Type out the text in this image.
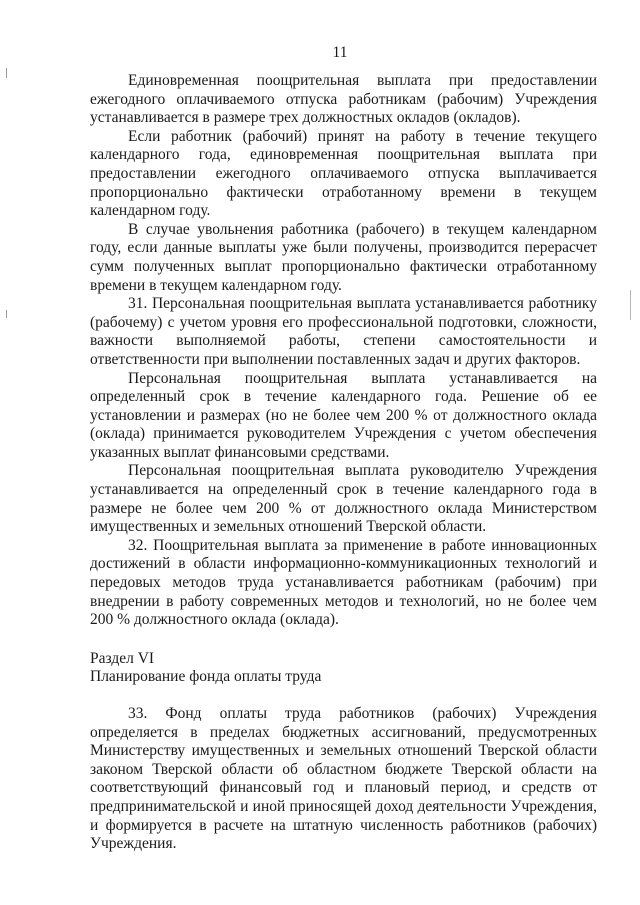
11

Единовременная поощрительная выплата при предоставлении ежегодного оплачиваемого отпуска работникам (рабочим) Учреждения устанавливается в размере трех должностных окладов (окладов).

Если работник (рабочий) принят на работу в течение текущего календарного года, единовременная поощрительная выплата при предоставлении ежегодного оплачиваемого отпуска выплачивается пропорционально фактически отработанному времени в текущем календарном году.

В случае увольнения работника (рабочего) в текущем календарном году, если данные выплаты уже были получены, производится перерасчет сумм полученных выплат пропорционально фактически отработанному времени в текущем календарном году.

31. Персональная поощрительная выплата устанавливается работнику (рабочему) с учетом уровня его профессиональной подготовки, сложности, важности выполняемой работы, степени самостоятельности и ответственности при выполнении поставленных задач и других факторов.

Персональная поощрительная выплата устанавливается на определенный срок в течение календарного года. Решение об ее установлении и размерах (но не более чем 200 % от должностного оклада (оклада) принимается руководителем Учреждения с учетом обеспечения указанных выплат финансовыми средствами.

Персональная поощрительная выплата руководителю Учреждения устанавливается на определенный срок в течение календарного года в размере не более чем 200 % от должностного оклада Министерством имущественных и земельных отношений Тверской области.

32. Поощрительная выплата за применение в работе инновационных достижений в области информационно-коммуникационных технологий и передовых методов труда устанавливается работникам (рабочим) при внедрении в работу современных методов и технологий, но не более чем 200 % должностного оклада (оклада).

Раздел VI

Планирование фонда оплаты труда

33. Фонд оплаты труда работников (рабочих) Учреждения определяется в пределах бюджетных ассигнований, предусмотренных Министерству имущественных и земельных отношений Тверской области законом Тверской области об областном бюджете Тверской области на соответствующий финансовый год и плановый период, и средств от предпринимательской и иной приносящей доход деятельности Учреждения, и формируется в расчете на штатную численность работников (рабочих) Учреждения.
